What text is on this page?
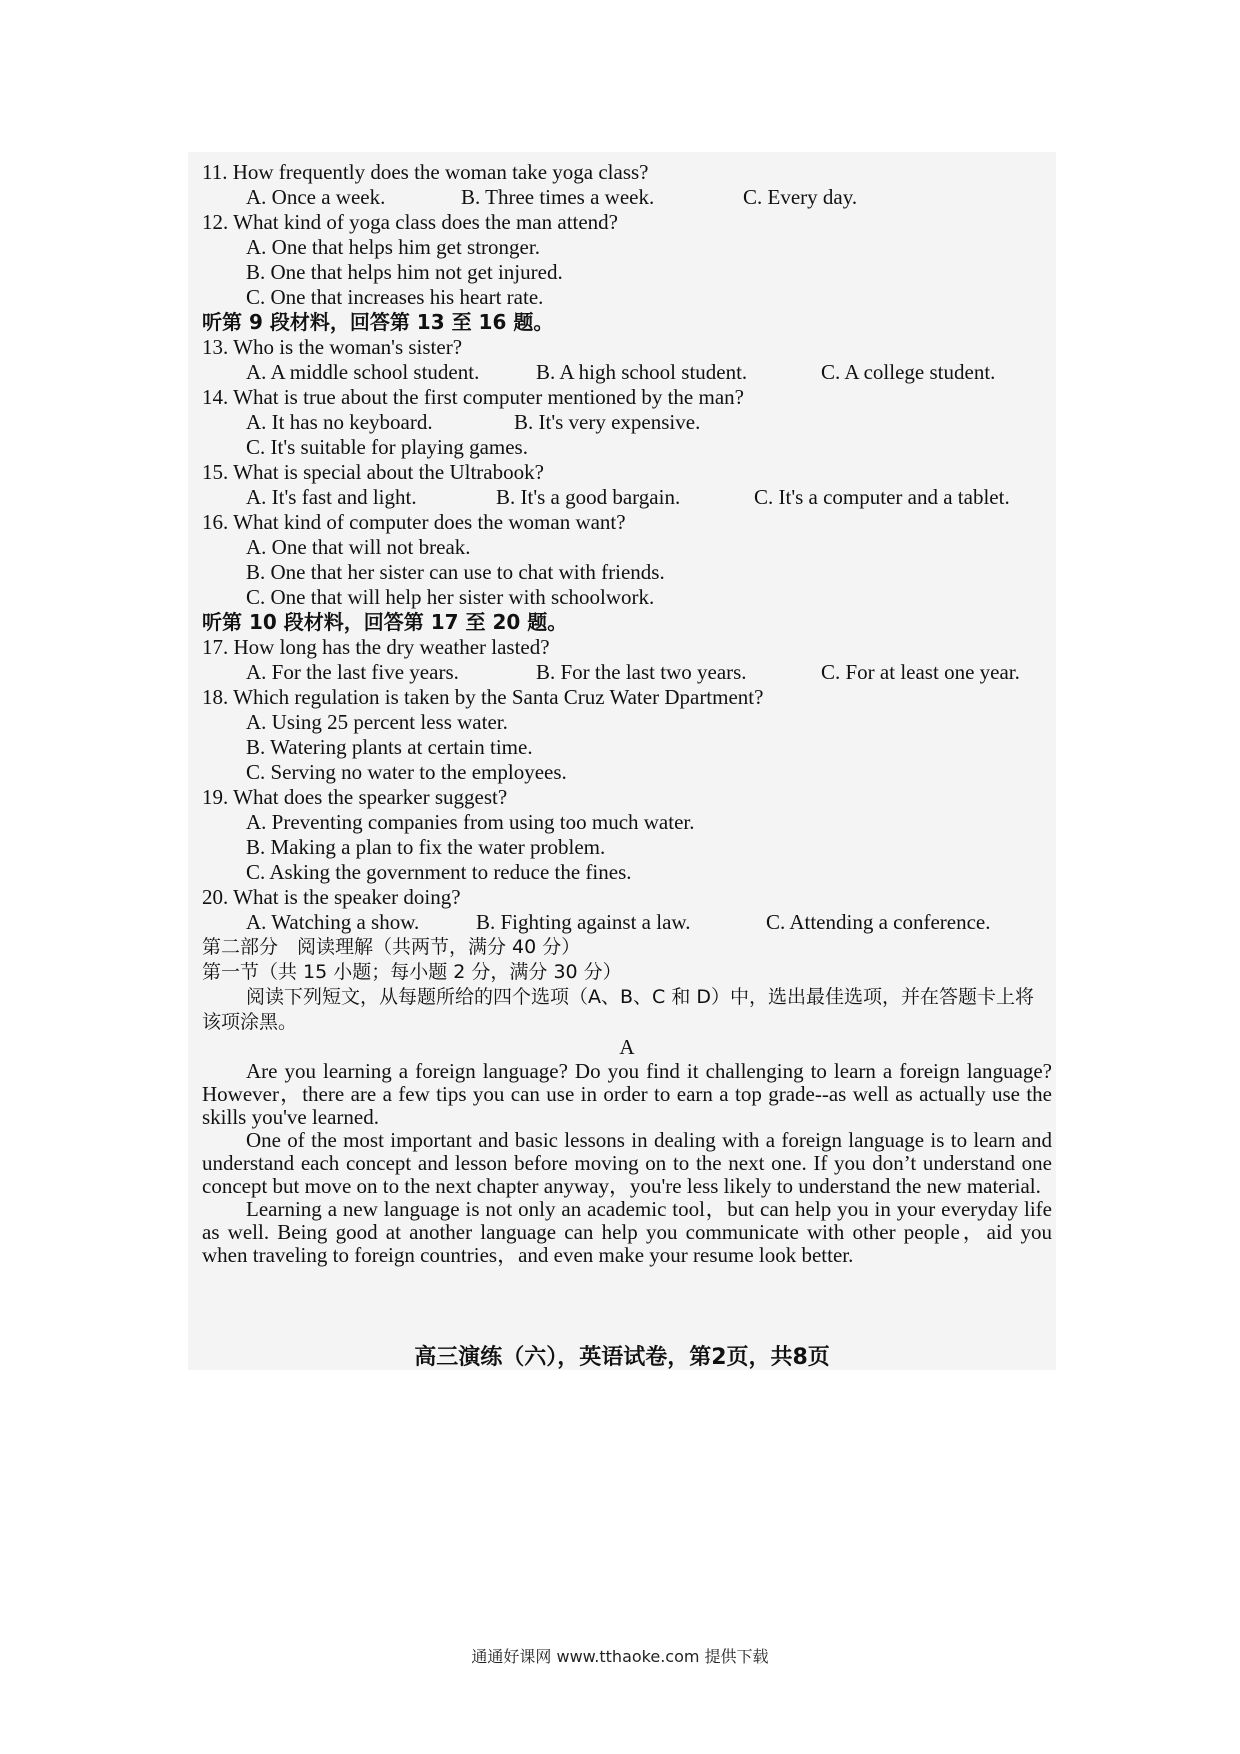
11. How frequently does the woman take yoga class?
A. Once a week.	B. Three times a week.	C. Every day.
12. What kind of yoga class does the man attend?
A. One that helps him get stronger.
B. One that helps him not get injured.
C. One that increases his heart rate.
听第 9 段材料，回答第 13 至 16 题。
13. Who is the woman's sister?
A. A middle school student.	B. A high school student.	C. A college student.
14. What is true about the first computer mentioned by the man?
A. It has no keyboard.	B. It's very expensive.
C. It's suitable for playing games.
15. What is special about the Ultrabook?
A. It's fast and light.	B. It's a good bargain.	C. It's a computer and a tablet.
16. What kind of computer does the woman want?
A. One that will not break.
B. One that her sister can use to chat with friends.
C. One that will help her sister with schoolwork.
听第 10 段材料，回答第 17 至 20 题。
17. How long has the dry weather lasted?
A. For the last five years.	B. For the last two years.	C. For at least one year.
18. Which regulation is taken by the Santa Cruz Water Dpartment?
A. Using 25 percent less water.
B. Watering plants at certain time.
C. Serving no water to the employees.
19. What does the spearker suggest?
A. Preventing companies from using too much water.
B. Making a plan to fix the water problem.
C. Asking the government to reduce the fines.
20. What is the speaker doing?
A. Watching a show.	B. Fighting against a law.	C. Attending a conference.
第二部分　阅读理解（共两节，满分 40 分）
第一节（共 15 小题；每小题 2 分，满分 30 分）
阅读下列短文，从每题所给的四个选项（A、B、C 和 D）中，选出最佳选项，并在答题卡上将该项涂黑。
A

Are you learning a foreign language? Do you find it challenging to learn a foreign language? However，there are a few tips you can use in order to earn a top grade--as well as actually use the skills you've learned.

One of the most important and basic lessons in dealing with a foreign language is to learn and understand each concept and lesson before moving on to the next one. If you don’t understand one concept but move on to the next chapter anyway，you're less likely to understand the new material.

Learning a new language is not only an academic tool，but can help you in your everyday life as well. Being good at another language can help you communicate with other people，aid you when traveling to foreign countries，and even make your resume look better.

高三演练（六），英语试卷，第2页，共8页
通通好课网 www.tthaoke.com 提供下载
